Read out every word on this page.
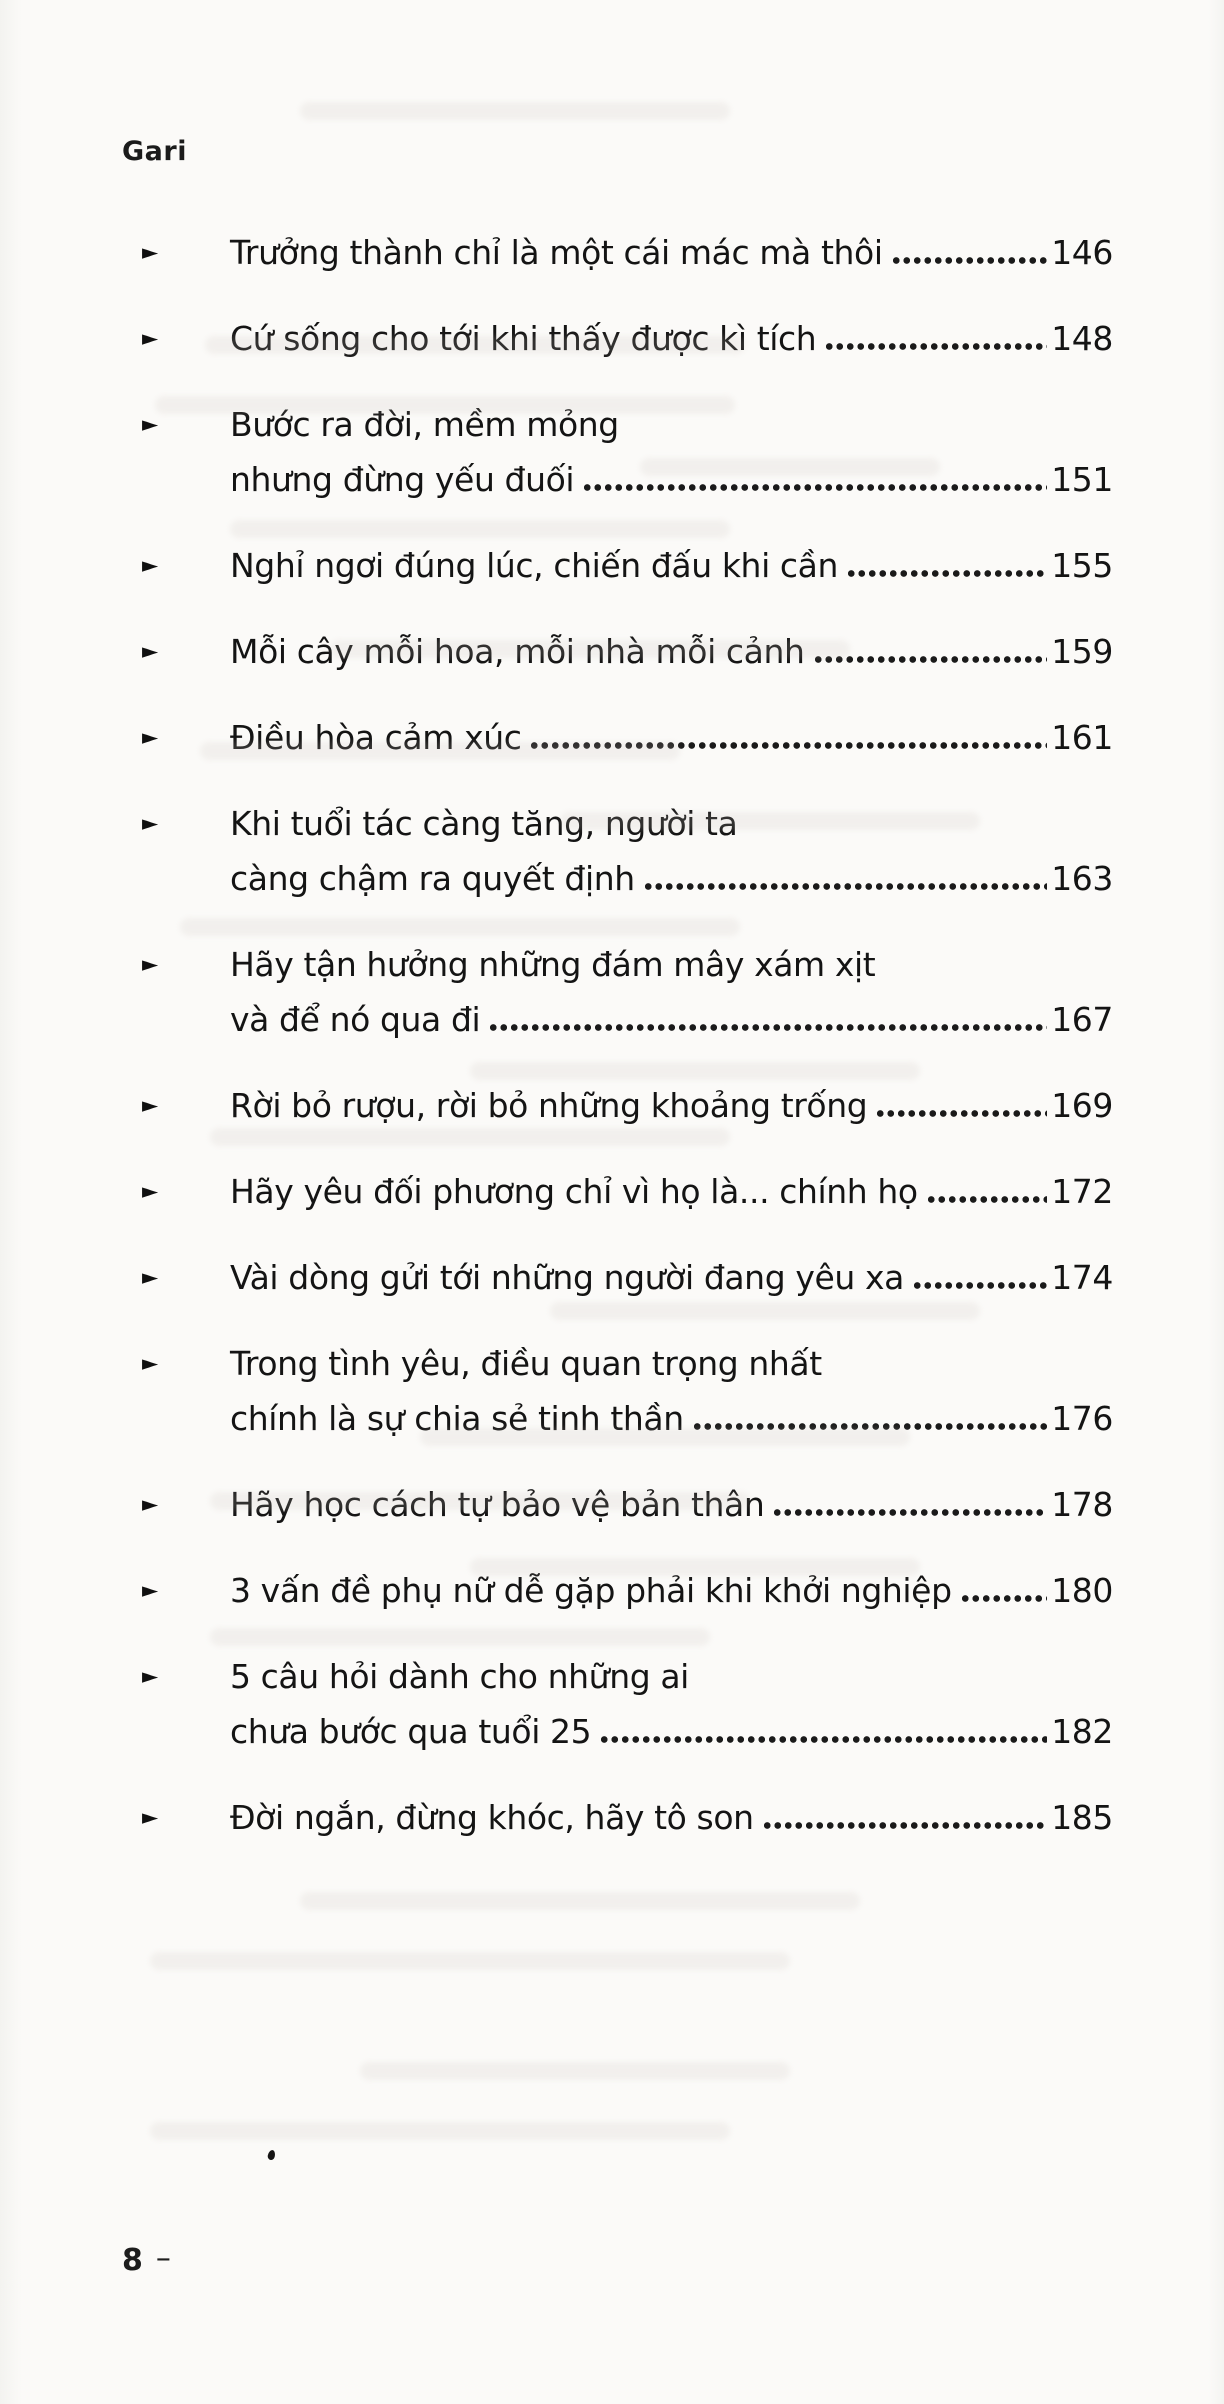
Gari
►	Trưởng thành chỉ là một cái mác mà thôi	146
►	Cứ sống cho tới khi thấy được kì tích	148
►	Bước ra đời, mềm mỏng
nhưng đừng yếu đuối	151
►	Nghỉ ngơi đúng lúc, chiến đấu khi cần	155
►	Mỗi cây mỗi hoa, mỗi nhà mỗi cảnh	159
►	Điều hòa cảm xúc	161
►	Khi tuổi tác càng tăng, người ta
càng chậm ra quyết định	163
►	Hãy tận hưởng những đám mây xám xịt
và để nó qua đi	167
►	Rời bỏ rượu, rời bỏ những khoảng trống	169
►	Hãy yêu đối phương chỉ vì họ là... chính họ	172
►	Vài dòng gửi tới những người đang yêu xa	174
►	Trong tình yêu, điều quan trọng nhất
chính là sự chia sẻ tinh thần	176
►	Hãy học cách tự bảo vệ bản thân	178
►	3 vấn đề phụ nữ dễ gặp phải khi khởi nghiệp	180
►	5 câu hỏi dành cho những ai
chưa bước qua tuổi 25	182
►	Đời ngắn, đừng khóc, hãy tô son	185
8 –
